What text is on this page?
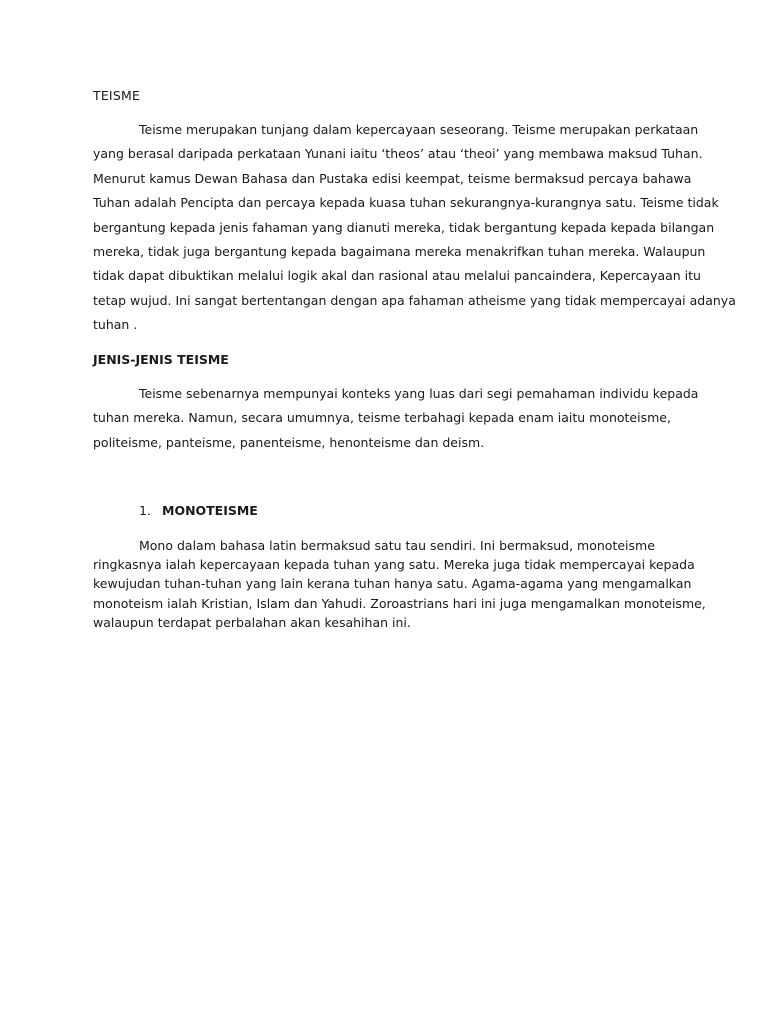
TEISME

Teisme merupakan tunjang dalam kepercayaan seseorang. Teisme merupakan perkataan
yang berasal daripada perkataan Yunani iaitu ‘theos’ atau ‘theoi’ yang membawa maksud Tuhan.
Menurut kamus Dewan Bahasa dan Pustaka edisi keempat, teisme bermaksud percaya bahawa
Tuhan adalah Pencipta dan percaya kepada kuasa tuhan sekurangnya-kurangnya satu. Teisme tidak
bergantung kepada jenis fahaman yang dianuti mereka, tidak bergantung kepada kepada bilangan
mereka, tidak juga bergantung kepada bagaimana mereka menakrifkan tuhan mereka. Walaupun
tidak dapat dibuktikan melalui logik akal dan rasional atau melalui pancaindera, Kepercayaan itu
tetap wujud. Ini sangat bertentangan dengan apa fahaman atheisme yang tidak mempercayai adanya
tuhan .

JENIS-JENIS TEISME

Teisme sebenarnya mempunyai konteks yang luas dari segi pemahaman individu kepada
tuhan mereka. Namun, secara umumnya, teisme terbahagi kepada enam iaitu monoteisme,
politeisme, panteisme, panenteisme, henonteisme dan deism.

1. MONOTEISME

Mono dalam bahasa latin bermaksud satu tau sendiri. Ini bermaksud, monoteisme
ringkasnya ialah kepercayaan kepada tuhan yang satu. Mereka juga tidak mempercayai kepada
kewujudan tuhan-tuhan yang lain kerana tuhan hanya satu. Agama-agama yang mengamalkan
monoteism ialah Kristian, Islam dan Yahudi. Zoroastrians hari ini juga mengamalkan monoteisme,
walaupun terdapat perbalahan akan kesahihan ini.
